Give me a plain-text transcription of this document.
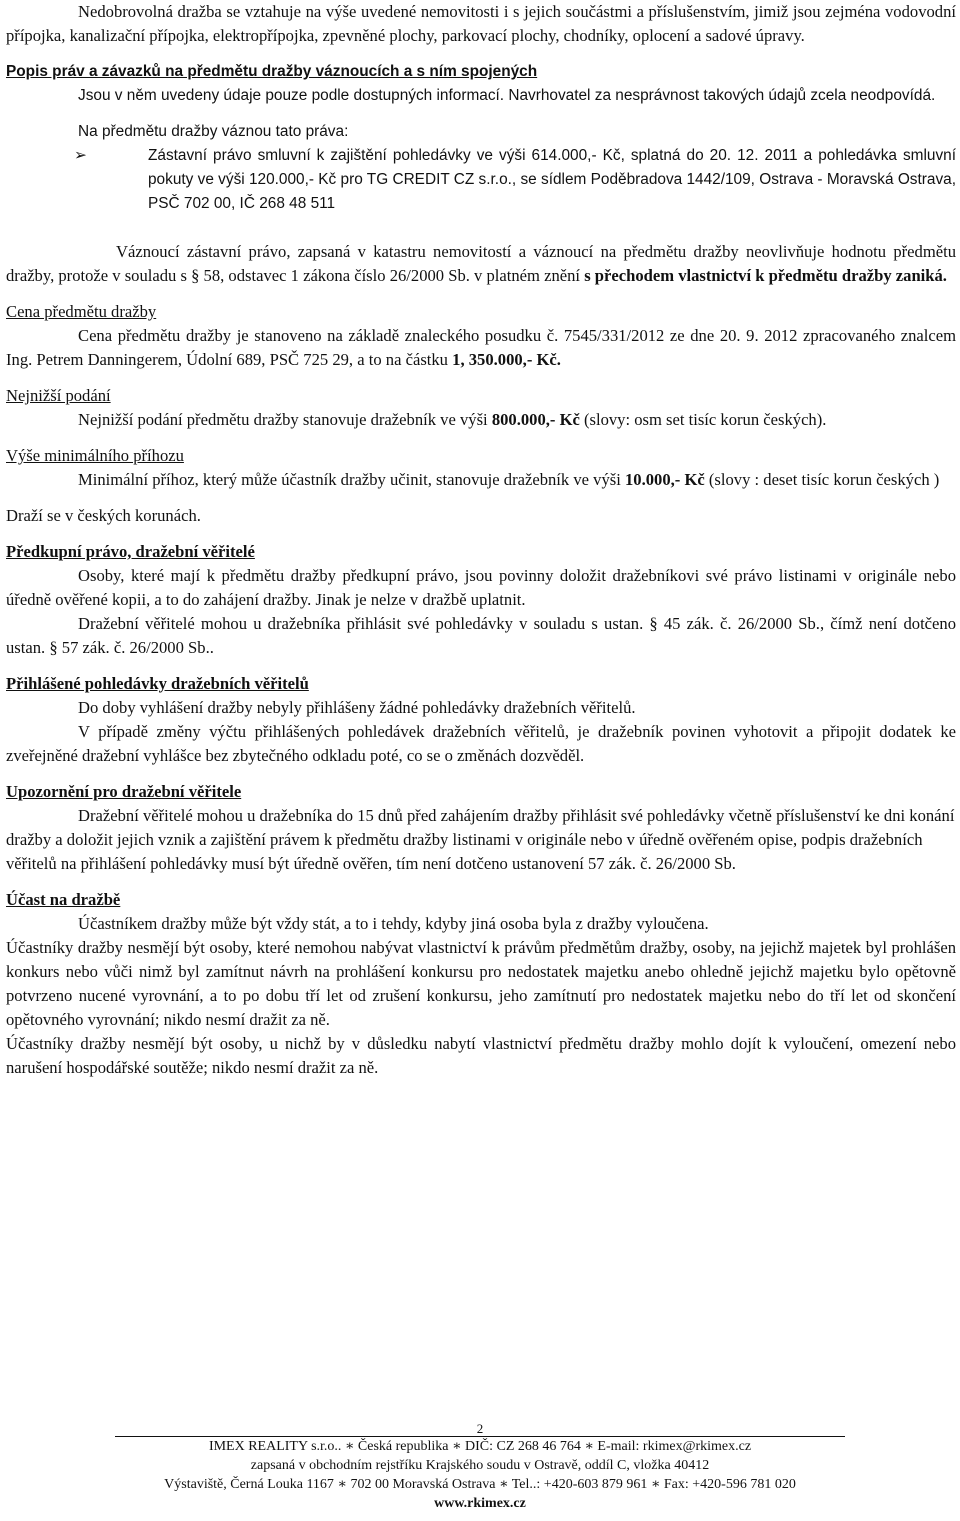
Nedobrovolná dražba se vztahuje na výše uvedené nemovitosti i s jejich součástmi a příslušenstvím, jimiž jsou zejména vodovodní přípojka, kanalizační přípojka, elektropřípojka, zpevněné plochy, parkovací plochy, chodníky, oplocení a sadové úpravy.

Popis práv a závazků na předmětu dražby váznoucích a s ním spojených

Jsou v něm uvedeny údaje pouze podle dostupných informací. Navrhovatel za nesprávnost takových údajů zcela neodpovídá.

Na předmětu dražby váznou tato práva:

➢	Zástavní právo smluvní k zajištění pohledávky ve výši 614.000,- Kč, splatná do 20. 12. 2011 a pohledávka smluvní pokuty ve výši 120.000,- Kč pro TG CREDIT CZ s.r.o., se sídlem Poděbradova 1442/109, Ostrava - Moravská Ostrava, PSČ 702 00, IČ 268 48 511

Váznoucí zástavní právo, zapsaná v katastru nemovitostí a váznoucí na předmětu dražby neovlivňuje hodnotu předmětu dražby, protože v souladu s § 58, odstavec 1 zákona číslo 26/2000 Sb. v platném znění s přechodem vlastnictví k předmětu dražby zaniká.

Cena předmětu dražby

Cena předmětu dražby je stanoveno na základě znaleckého posudku č. 7545/331/2012 ze dne 20. 9. 2012 zpracovaného znalcem Ing. Petrem Danningerem, Údolní 689, PSČ 725 29, a to na částku 1, 350.000,- Kč.

Nejnižší podání

Nejnižší podání předmětu dražby stanovuje dražebník ve výši 800.000,- Kč (slovy: osm set tisíc korun českých).

Výše minimálního příhozu

Minimální příhoz, který může účastník dražby učinit, stanovuje dražebník ve výši 10.000,- Kč (slovy : deset tisíc korun českých )

Draží se v českých korunách.

Předkupní právo, dražební věřitelé

Osoby, které mají k předmětu dražby předkupní právo, jsou povinny doložit dražebníkovi své právo listinami v originále nebo úředně ověřené kopii, a to do zahájení dražby. Jinak je nelze v dražbě uplatnit.

Dražební věřitelé mohou u dražebníka přihlásit své pohledávky v souladu s ustan. § 45 zák. č. 26/2000 Sb., čímž není dotčeno ustan. § 57 zák. č. 26/2000 Sb..

Přihlášené pohledávky dražebních věřitelů

Do doby vyhlášení dražby nebyly přihlášeny žádné pohledávky dražebních věřitelů.

V případě změny výčtu přihlášených pohledávek dražebních věřitelů, je dražebník povinen vyhotovit a připojit dodatek ke zveřejněné dražební vyhlášce bez zbytečného odkladu poté, co se o změnách dozvěděl.

Upozornění pro dražební věřitele

Dražební věřitelé mohou u dražebníka do 15 dnů před zahájením dražby přihlásit své pohledávky včetně příslušenství ke dni konání dražby a doložit jejich vznik a zajištění právem k předmětu dražby listinami v originále nebo v úředně ověřeném opise, podpis dražebních věřitelů na přihlášení pohledávky musí být úředně ověřen, tím není dotčeno ustanovení 57 zák. č. 26/2000 Sb.

Účast na dražbě

Účastníkem dražby může být vždy stát, a to i tehdy, kdyby jiná osoba byla z dražby vyloučena.

Účastníky dražby nesmějí být osoby, které nemohou nabývat vlastnictví k právům předmětům dražby, osoby, na jejichž majetek byl prohlášen konkurs nebo vůči nimž byl zamítnut návrh na prohlášení konkursu pro nedostatek majetku anebo ohledně jejichž majetku bylo opětovně potvrzeno nucené vyrovnání, a to po dobu tří let od zrušení konkursu, jeho zamítnutí pro nedostatek majetku nebo do tří let od skončení opětovného vyrovnání; nikdo nesmí dražit za ně.

Účastníky dražby nesmějí být osoby, u nichž by v důsledku nabytí vlastnictví předmětu dražby mohlo dojít k vyloučení, omezení nebo narušení hospodářské soutěže; nikdo nesmí dražit za ně.

2
IMEX REALITY s.r.o.. ∗ Česká republika ∗ DIČ: CZ 268 46 764 ∗ E-mail: rkimex@rkimex.cz
zapsaná v obchodním rejstříku Krajského soudu v Ostravě, oddíl C, vložka 40412
Výstaviště, Černá Louka 1167 ∗ 702 00 Moravská Ostrava ∗ Tel..: +420-603 879 961 ∗ Fax: +420-596 781 020
www.rkimex.cz
